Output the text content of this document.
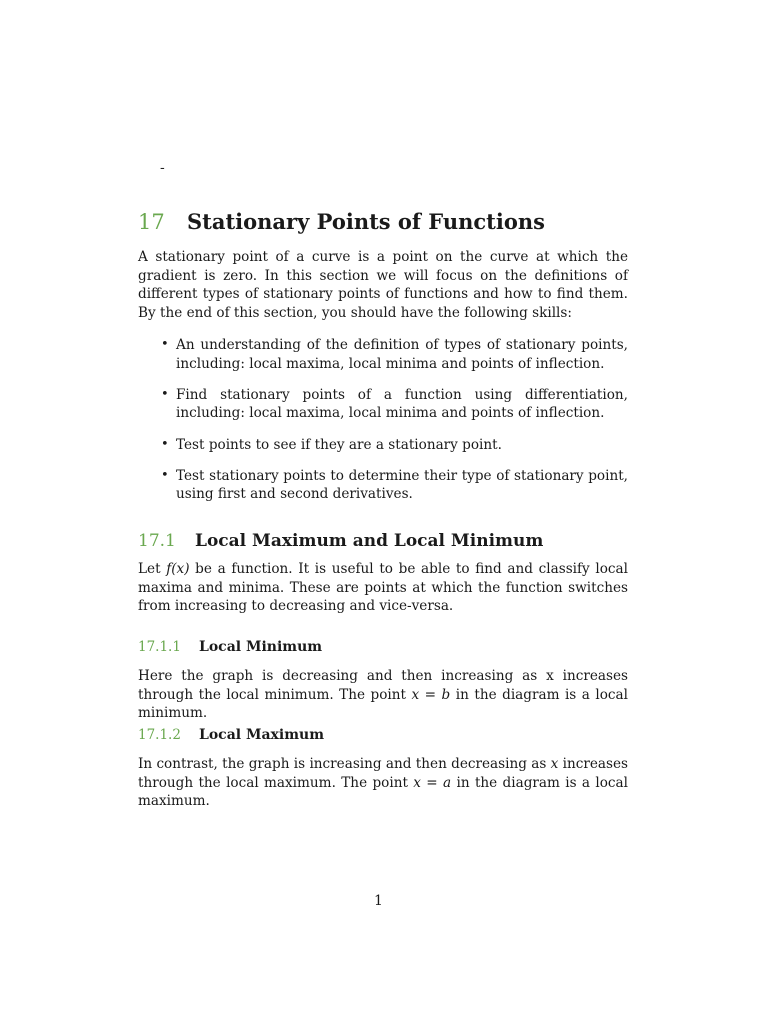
-
17 Stationary Points of Functions

A stationary point of a curve is a point on the curve at which the gradient is zero. In this section we will focus on the definitions of different types of stationary points of functions and how to find them. By the end of this section, you should have the following skills:

• An understanding of the definition of types of stationary points, including: local maxima, local minima and points of inflection.
• Find stationary points of a function using differentiation, including: local maxima, local minima and points of inflection.
• Test points to see if they are a stationary point.
• Test stationary points to determine their type of stationary point, using first and second derivatives.
17.1 Local Maximum and Local Minimum

Let f(x) be a function. It is useful to be able to find and classify local maxima and minima. These are points at which the function switches from increasing to decreasing and vice-versa.

17.1.1 Local Minimum

Here the graph is decreasing and then increasing as x increases through the local minimum. The point x = b in the diagram is a local minimum.

17.1.2 Local Maximum

In contrast, the graph is increasing and then decreasing as x increases through the local maximum. The point x = a in the diagram is a local maximum.

1
